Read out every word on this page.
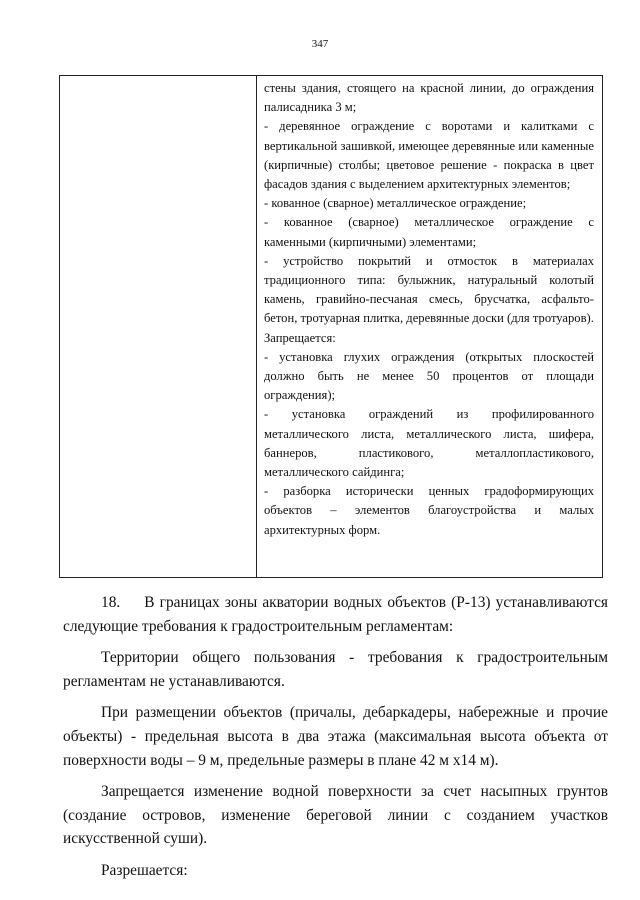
347

стены здания, стоящего на красной линии, до ограждения палисадника 3 м;

- деревянное ограждение с воротами и калитками с вертикальной зашивкой, имеющее деревянные или каменные (кирпичные) столбы; цветовое решение - покраска в цвет фасадов здания с выделением архитектурных элементов;

- кованное (сварное) металлическое ограждение;

- кованное (сварное) металлическое ограждение с каменными (кирпичными) элементами;

- устройство покрытий и отмосток в материалах традиционного типа: булыжник, натуральный колотый камень, гравийно-песчаная смесь, брусчатка, асфальто-бетон, тротуарная плитка, деревянные доски (для тротуаров).

Запрещается:

- установка глухих ограждения (открытых плоскостей должно быть не менее 50 процентов от площади ограждения);

- установка ограждений из профилированного металлического листа, металлического листа, шифера, баннеров, пластикового, металлопластикового, металлического сайдинга;

- разборка исторически ценных градоформирующих объектов – элементов благоустройства и малых архитектурных форм.

18. В границах зоны акватории водных объектов (Р-13) устанавливаются следующие требования к градостроительным регламентам:

Территории общего пользования - требования к градостроительным регламентам не устанавливаются.

При размещении объектов (причалы, дебаркадеры, набережные и прочие объекты) - предельная высота в два этажа (максимальная высота объекта от поверхности воды – 9 м, предельные размеры в плане 42 м х14 м).

Запрещается изменение водной поверхности за счет насыпных грунтов (создание островов, изменение береговой линии с созданием участков искусственной суши).

Разрешается:
